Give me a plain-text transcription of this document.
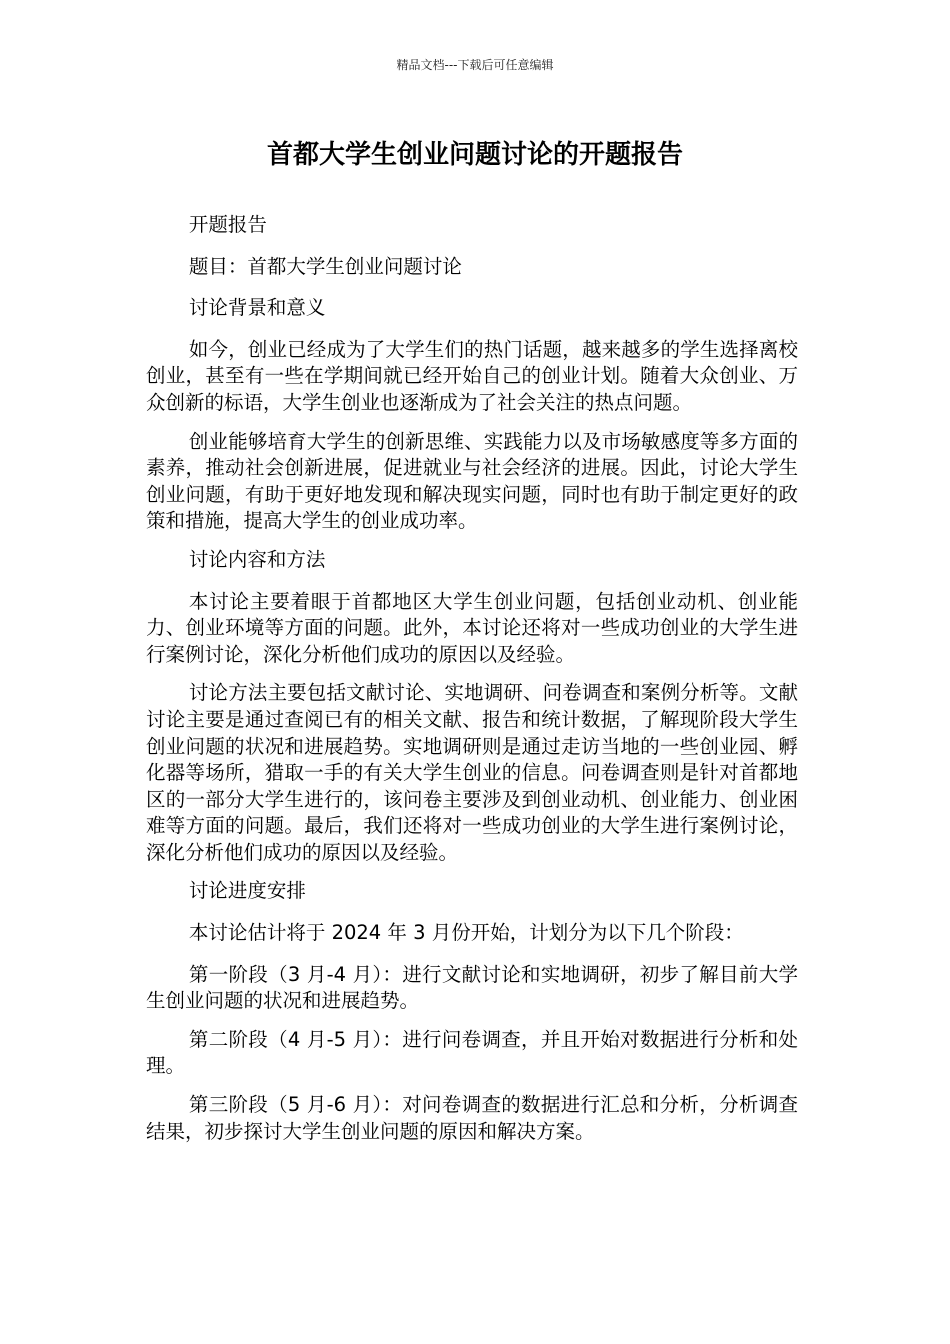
精品文档---下载后可任意编辑
首都大学生创业问题讨论的开题报告

开题报告

题目：首都大学生创业问题讨论

讨论背景和意义

如今，创业已经成为了大学生们的热门话题，越来越多的学生选择离校创业，甚至有一些在学期间就已经开始自己的创业计划。随着大众创业、万众创新的标语，大学生创业也逐渐成为了社会关注的热点问题。

创业能够培育大学生的创新思维、实践能力以及市场敏感度等多方面的素养，推动社会创新进展，促进就业与社会经济的进展。因此，讨论大学生创业问题，有助于更好地发现和解决现实问题，同时也有助于制定更好的政策和措施，提高大学生的创业成功率。

讨论内容和方法

本讨论主要着眼于首都地区大学生创业问题，包括创业动机、创业能力、创业环境等方面的问题。此外，本讨论还将对一些成功创业的大学生进行案例讨论，深化分析他们成功的原因以及经验。

讨论方法主要包括文献讨论、实地调研、问卷调查和案例分析等。文献讨论主要是通过查阅已有的相关文献、报告和统计数据，了解现阶段大学生创业问题的状况和进展趋势。实地调研则是通过走访当地的一些创业园、孵化器等场所，猎取一手的有关大学生创业的信息。问卷调查则是针对首都地区的一部分大学生进行的，该问卷主要涉及到创业动机、创业能力、创业困难等方面的问题。最后，我们还将对一些成功创业的大学生进行案例讨论，深化分析他们成功的原因以及经验。

讨论进度安排

本讨论估计将于 2024 年 3 月份开始，计划分为以下几个阶段：

第一阶段（3 月-4 月）：进行文献讨论和实地调研，初步了解目前大学生创业问题的状况和进展趋势。

第二阶段（4 月-5 月）：进行问卷调查，并且开始对数据进行分析和处理。

第三阶段（5 月-6 月）：对问卷调查的数据进行汇总和分析，分析调查结果，初步探讨大学生创业问题的原因和解决方案。
